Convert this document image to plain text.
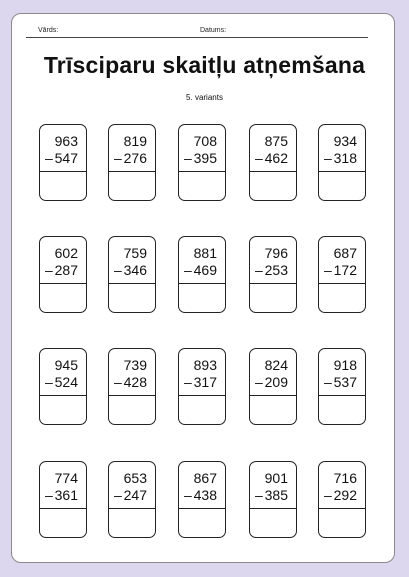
Vārds:	Datums:
Trīsciparu skaitļu atņemšana
5. variants
963
– 547
819
– 276
708
– 395
875
– 462
934
– 318
602
– 287
759
– 346
881
– 469
796
– 253
687
– 172
945
– 524
739
– 428
893
– 317
824
– 209
918
– 537
774
– 361
653
– 247
867
– 438
901
– 385
716
– 292
